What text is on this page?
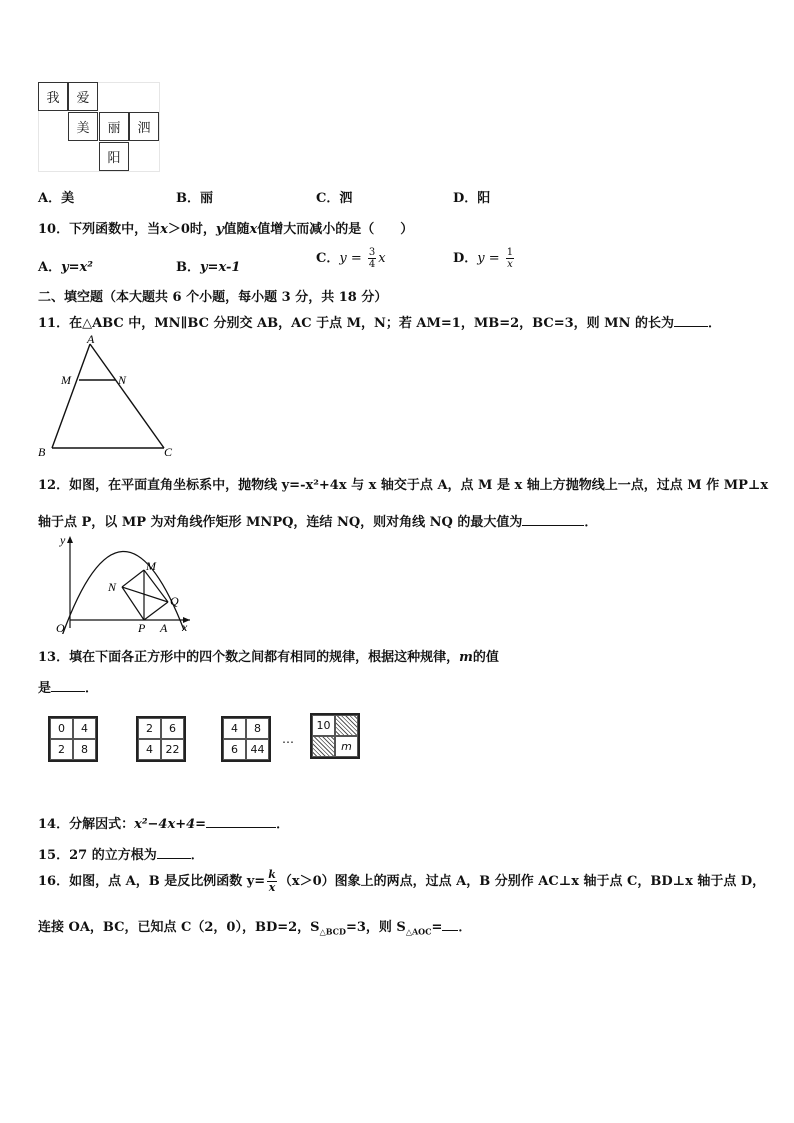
我	爱
美	丽	泗
阳
A．美	B．丽	C．泗	D．阳
10．下列函数中，当x＞0时，y值随x值增大而减小的是（　　）
A．y=x²	B．y=x-1
C．$y = \frac{3}{4}$ x	D．$y = \frac{1}{x}$
二、填空题（本大题共 6 个小题，每小题 3 分，共 18 分）
11．在△ABC 中，MN∥BC 分别交 AB，AC 于点 M，N；若 AM=1，MB=2，BC=3，则 MN 的长为	．
A
B	C
M	N
12．如图，在平面直角坐标系中，抛物线 y=-x²+4x 与 x 轴交于点 A，点 M 是 x 轴上方抛物线上一点，过点 M 作 MP⊥x
轴于点 P，以 MP 为对角线作矩形 MNPQ，连结 NQ，则对角线 NQ 的最大值为	．
y
x
O	P A
M
N
Q
13．填在下面各正方形中的四个数之间都有相同的规律，根据这种规律，m的值
是	．
0	4
2	8
2	6
4	22
4	8
6	44
…
10
m
14．分解因式：x²−4x+4=	．
15．27 的立方根为	．
16．如图，点 A，B 是反比例函数 $y= \frac{k}{x} (x>0)$图象上的两点，过点 A，B 分别作 AC⊥x 轴于点 C，BD⊥x 轴于点 D，
连接 OA，BC，已知点 C（2，0），BD=2，$S_{\triangle BCD}=3$，则 $S_{\triangle AOC}=$ ．
